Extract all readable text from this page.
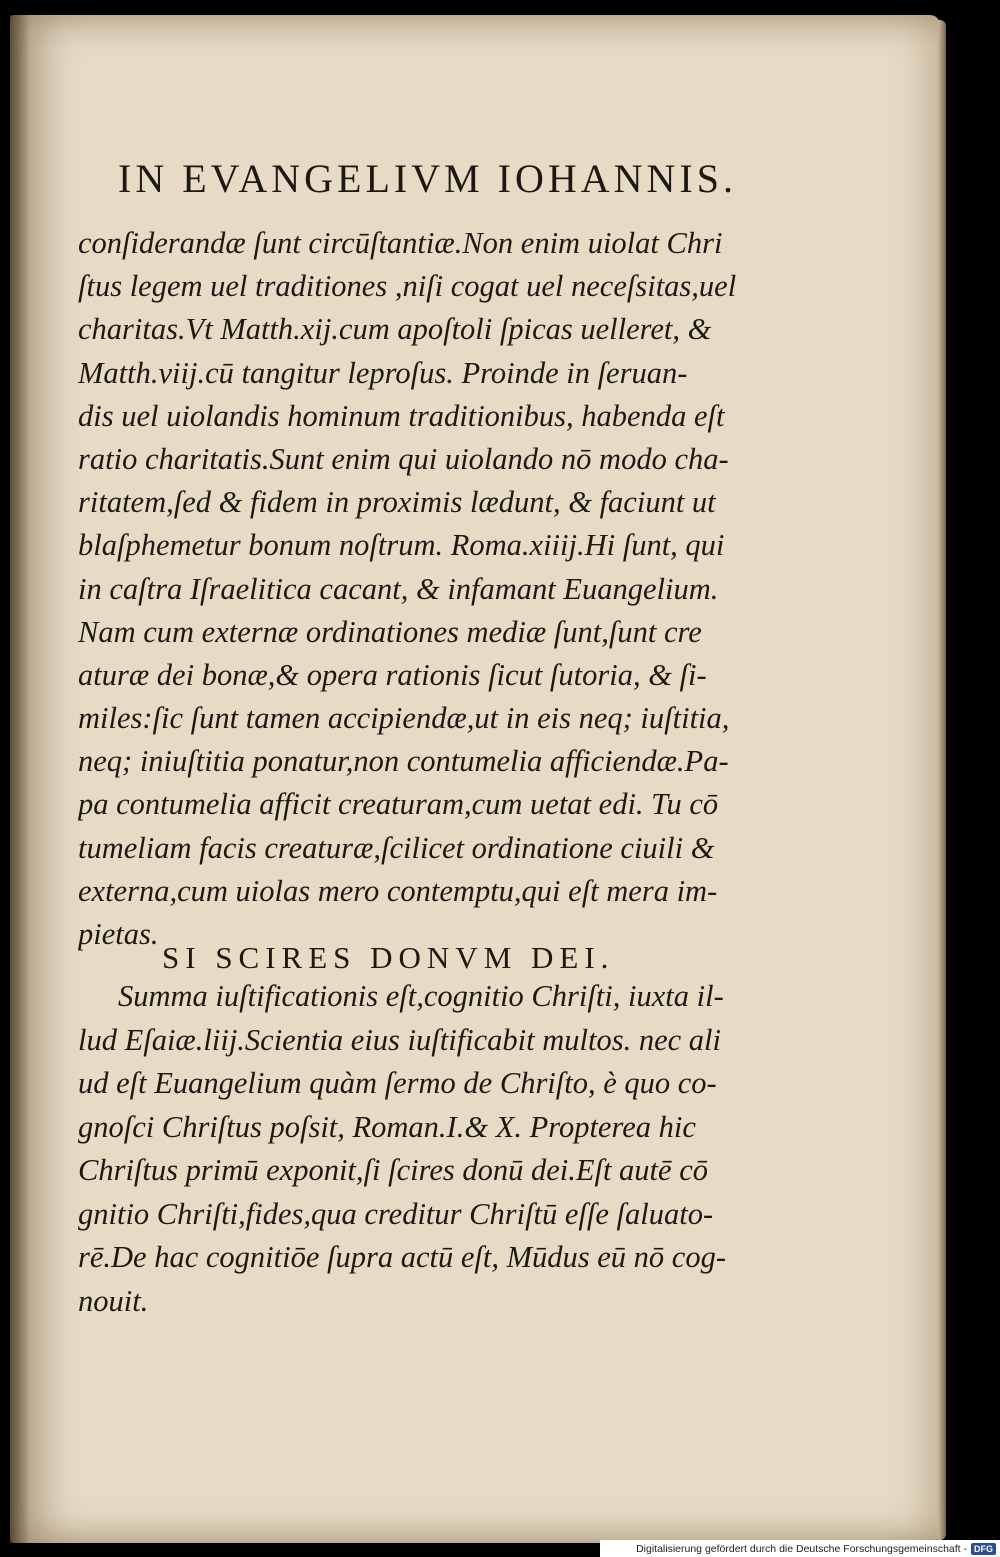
IN EVANGELIVM IOHANNIS.
conſiderandæ ſunt circūſtantiæ.Non enim uiolat Chri
ſtus legem uel traditiones ,niſi cogat uel neceſsitas,uel
charitas.Vt Matth.xij.cum apoſtoli ſpicas uelleret, &
Matth.viij.cū tangitur leproſus. Proinde in ſeruan-
dis uel uiolandis hominum traditionibus, habenda eſt
ratio charitatis.Sunt enim qui uiolando nō modo cha-
ritatem,ſed & fidem in proximis lædunt, & faciunt ut
blaſphemetur bonum noſtrum. Roma.xiiij.Hi ſunt, qui
in caſtra Iſraelitica cacant, & infamant Euangelium.
Nam cum externæ ordinationes mediæ ſunt,ſunt cre
aturæ dei bonæ,& opera rationis ſicut ſutoria, & ſi-
miles:ſic ſunt tamen accipiendæ,ut in eis neq; iuſtitia,
neq; iniuſtitia ponatur,non contumelia afficiendæ.Pa-
pa contumelia afficit creaturam,cum uetat edi. Tu cō
tumeliam facis creaturæ,ſcilicet ordinatione ciuili &
externa,cum uiolas mero contemptu,qui eſt mera im-
pietas.
SI SCIRES DONVM DEI.
Summa iuſtificationis eſt,cognitio Chriſti, iuxta il-
lud Eſaiæ.liij.Scientia eius iuſtificabit multos. nec ali
ud eſt Euangelium quàm ſermo de Chriſto, è quo co-
gnoſci Chriſtus poſsit, Roman.I.& X. Propterea hic
Chriſtus primū exponit,ſi ſcires donū dei.Eſt autē cō
gnitio Chriſti,fides,qua creditur Chriſtū eſſe ſaluato-
rē.De hac cognitiōe ſupra actū eſt, Mūdus eū nō cog-
nouit.
Digitalisierung gefördert durch die Deutsche Forschungsgemeinschaft - DFG
